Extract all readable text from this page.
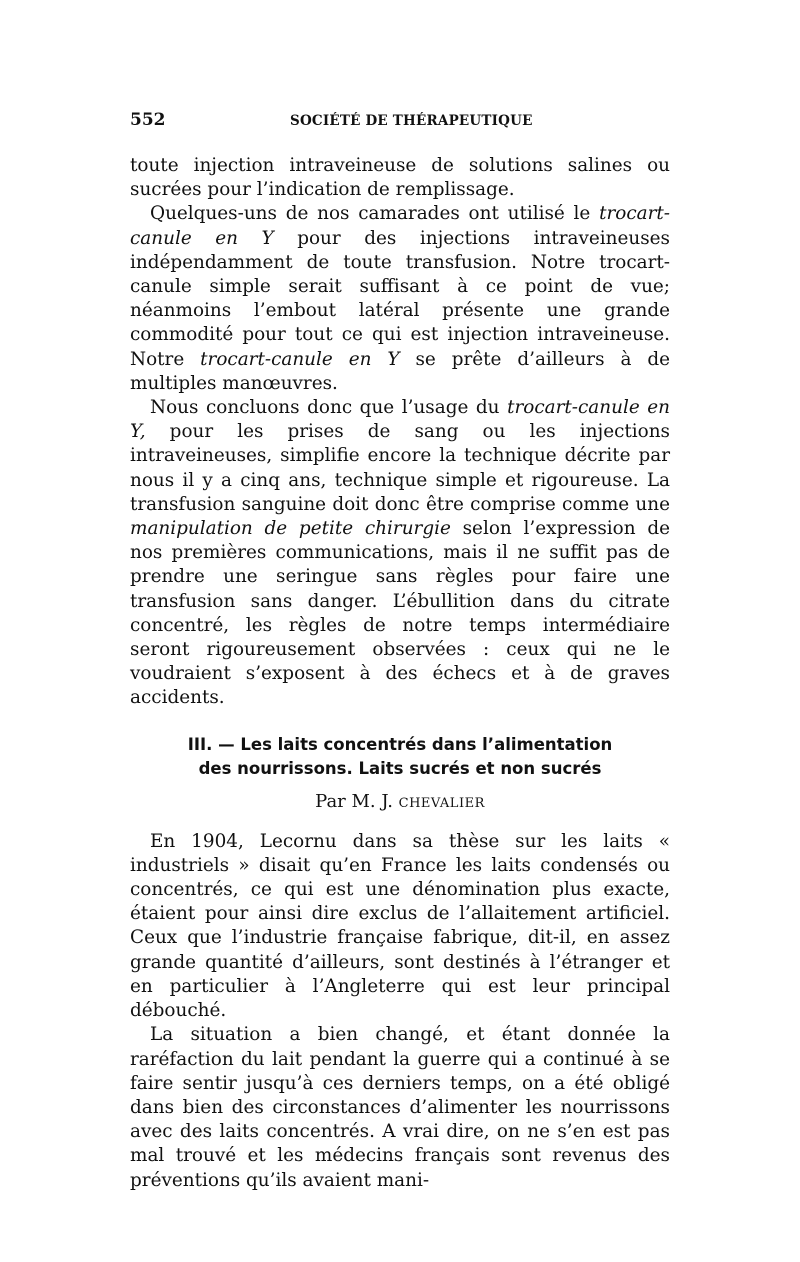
552	SOCIÉTÉ DE THÉRAPEUTIQUE

toute injection intraveineuse de solutions salines ou sucrées pour l’indication de remplissage.

Quelques-uns de nos camarades ont utilisé le trocart-canule en Y pour des injections intraveineuses indépendamment de toute transfusion. Notre trocart-canule simple serait suffisant à ce point de vue; néanmoins l’embout latéral présente une grande commodité pour tout ce qui est injection intraveineuse. Notre trocart-canule en Y se prête d’ailleurs à de multiples manœuvres.

Nous concluons donc que l’usage du trocart-canule en Y, pour les prises de sang ou les injections intraveineuses, simplifie encore la technique décrite par nous il y a cinq ans, technique simple et rigoureuse. La transfusion sanguine doit donc être comprise comme une manipulation de petite chirurgie selon l’expression de nos premières communications, mais il ne suffit pas de prendre une seringue sans règles pour faire une transfusion sans danger. L’ébullition dans du citrate concentré, les règles de notre temps intermédiaire seront rigoureusement observées : ceux qui ne le voudraient s’exposent à des échecs et à de graves accidents.

III. — Les laits concentrés dans l’alimentation
des nourrissons. Laits sucrés et non sucrés
Par M. J. CHEVALIER

En 1904, Lecornu dans sa thèse sur les laits « industriels » disait qu’en France les laits condensés ou concentrés, ce qui est une dénomination plus exacte, étaient pour ainsi dire exclus de l’allaitement artificiel. Ceux que l’industrie française fabrique, dit-il, en assez grande quantité d’ailleurs, sont destinés à l’étranger et en particulier à l’Angleterre qui est leur principal débouché.

La situation a bien changé, et étant donnée la raréfaction du lait pendant la guerre qui a continué à se faire sentir jusqu’à ces derniers temps, on a été obligé dans bien des circonstances d’alimenter les nourrissons avec des laits concentrés. A vrai dire, on ne s’en est pas mal trouvé et les médecins français sont revenus des préventions qu’ils avaient mani-
